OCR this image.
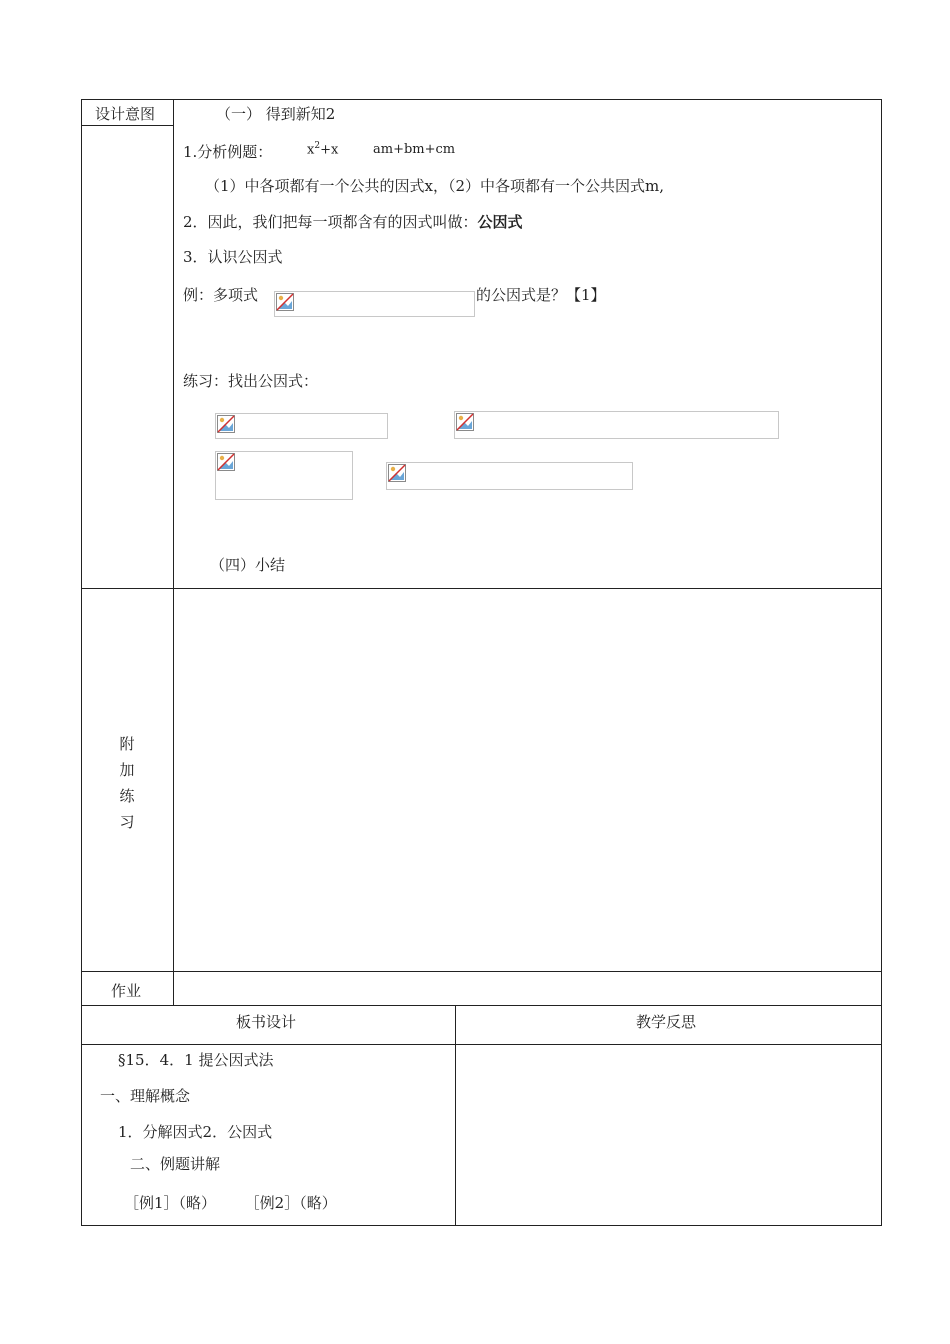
设计意图	（一） 得到新知2
1.分析例题：	$x^2+x$	am+bm+cm
（1）中各项都有一个公共的因式x，（2）中各项都有一个公共因式m,
2．因此，我们把每一项都含有的因式叫做：公因式
3．认识公因式
例：多项式	的公因式是？【1】
练习：找出公因式：
（四）小结
附
加
练
习
作业
板书设计	教学反思
§15．4．1 提公因式法
一、理解概念
1．分解因式2．公因式
二、例题讲解
［例1］（略）      ［例2］（略）
